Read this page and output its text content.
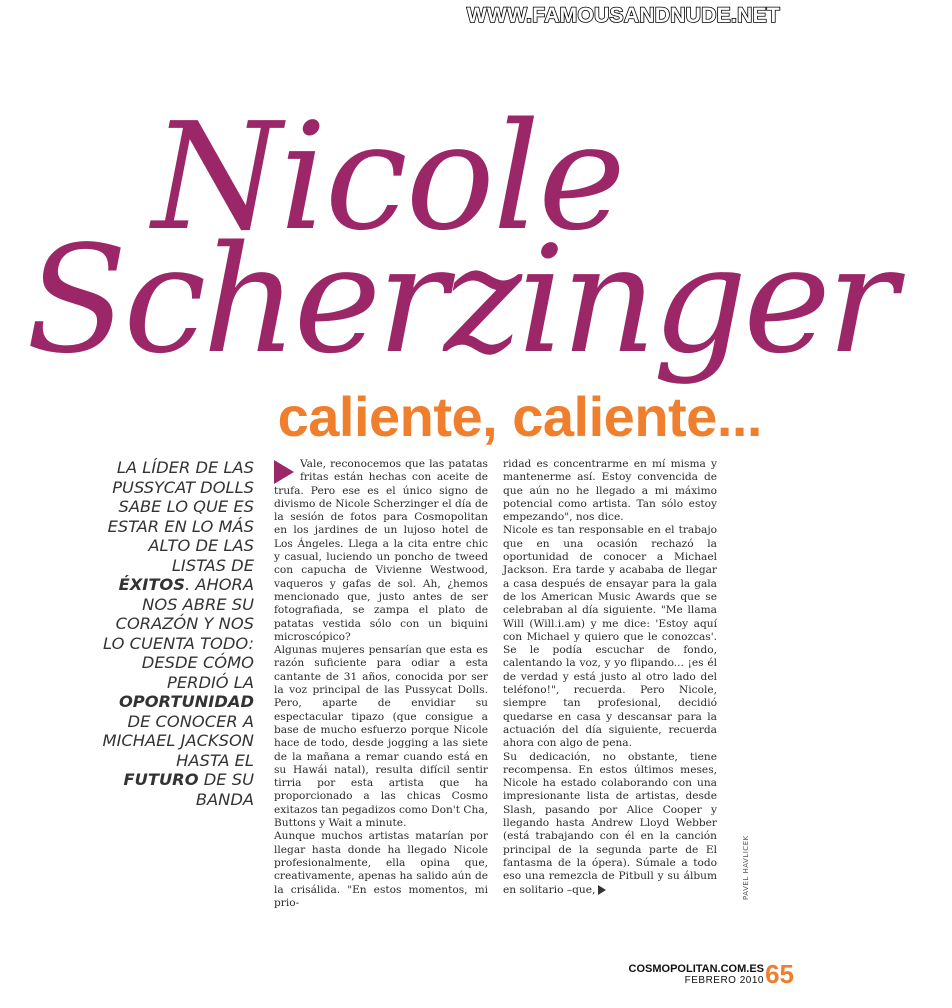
WWW.FAMOUSANDNUDE.NET
Nicole
Scherzinger
caliente, caliente...

LA LÍDER DE LAS PUSSYCAT DOLLS SABE LO QUE ES ESTAR EN LO MÁS ALTO DE LAS LISTAS DE ÉXITOS. AHORA NOS ABRE SU CORAZÓN Y NOS LO CUENTA TODO: DESDE CÓMO PERDIÓ LA OPORTUNIDAD DE CONOCER A MICHAEL JACKSON HASTA EL FUTURO DE SU BANDA

Vale, reconocemos que las patatas fritas están hechas con aceite de trufa. Pero ese es el único signo de divismo de Nicole Scherzinger el día de la sesión de fotos para Cosmopolitan en los jardines de un lujoso hotel de Los Ángeles. Llega a la cita entre chic y casual, luciendo un poncho de tweed con capucha de Vivienne Westwood, vaqueros y gafas de sol. Ah, ¿hemos mencionado que, justo antes de ser fotografiada, se zampa el plato de patatas vestida sólo con un biquini microscópico?

Algunas mujeres pensarían que esta es razón suficiente para odiar a esta cantante de 31 años, conocida por ser la voz principal de las Pussycat Dolls. Pero, aparte de envidiar su espectacular tipazo (que consigue a base de mucho esfuerzo porque Nicole hace de todo, desde jogging a las siete de la mañana a remar cuando está en su Hawái natal), resulta difícil sentir tirria por esta artista que ha proporcionado a las chicas Cosmo exitazos tan pegadizos como Don't Cha, Buttons y Wait a minute.

Aunque muchos artistas matarían por llegar hasta donde ha llegado Nicole profesionalmente, ella opina que, creativamente, apenas ha salido aún de la crisálida. "En estos momentos, mi prio-

ridad es concentrarme en mí misma y mantenerme así. Estoy convencida de que aún no he llegado a mi máximo potencial como artista. Tan sólo estoy empezando", nos dice.

Nicole es tan responsable en el trabajo que en una ocasión rechazó la oportunidad de conocer a Michael Jackson. Era tarde y acababa de llegar a casa después de ensayar para la gala de los American Music Awards que se celebraban al día siguiente. "Me llama Will (Will.i.am) y me dice: 'Estoy aquí con Michael y quiero que le conozcas'. Se le podía escuchar de fondo, calentando la voz, y yo flipando... ¡es él de verdad y está justo al otro lado del teléfono!", recuerda. Pero Nicole, siempre tan profesional, decidió quedarse en casa y descansar para la actuación del día siguiente, recuerda ahora con algo de pena.

Su dedicación, no obstante, tiene recompensa. En estos últimos meses, Nicole ha estado colaborando con una impresionante lista de artistas, desde Slash, pasando por Alice Cooper y llegando hasta Andrew Lloyd Webber (está trabajando con él en la canción principal de la segunda parte de El fantasma de la ópera). Súmale a todo eso una remezcla de Pitbull y su álbum en solitario –que,	PAVEL HAVLICEK
COSMOPOLITAN.COM.ES
FEBRERO 2010 65
